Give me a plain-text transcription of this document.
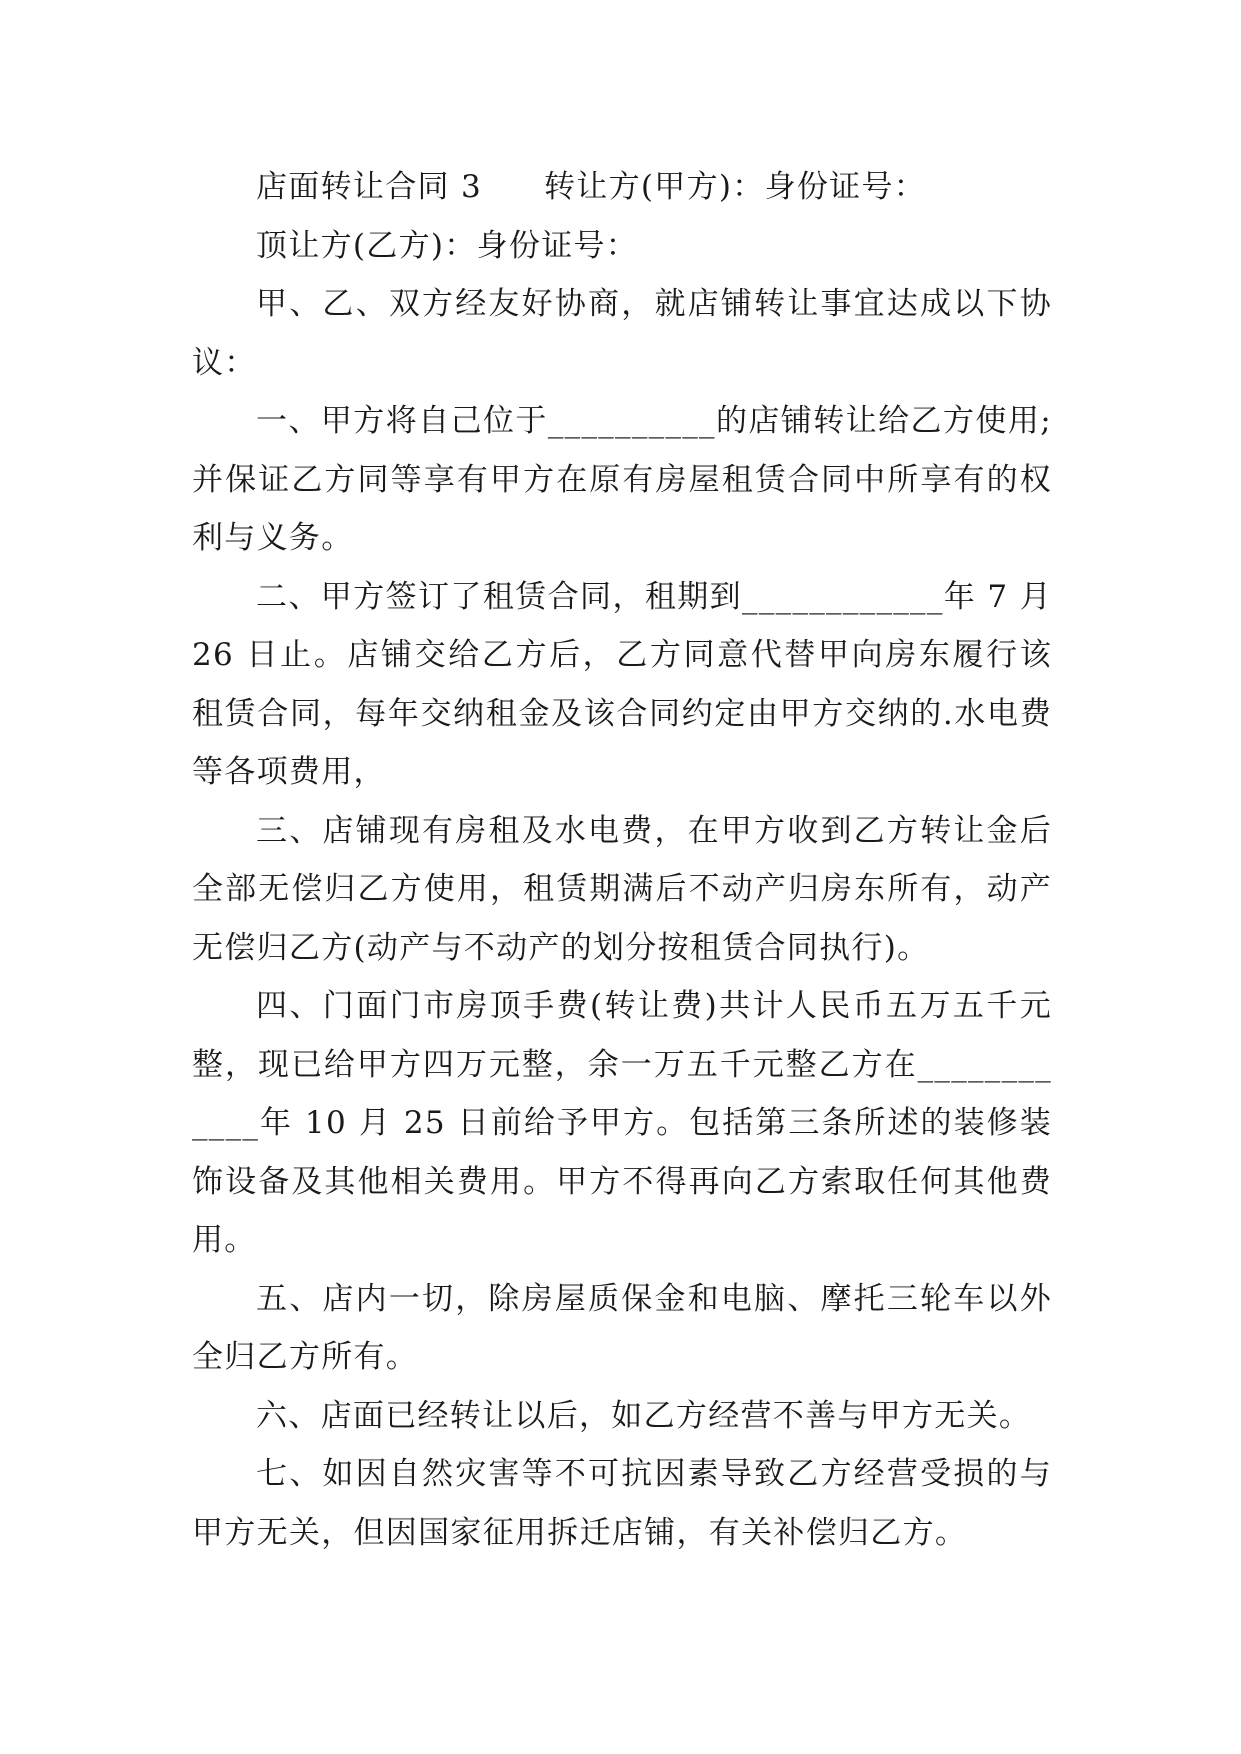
店面转让合同 3 转让方(甲方)：身份证号：

顶让方(乙方)：身份证号：

甲、乙、双方经友好协商，就店铺转让事宜达成以下协议：

一、甲方将自己位于__________的店铺转让给乙方使用;并保证乙方同等享有甲方在原有房屋租赁合同中所享有的权利与义务。

二、甲方签订了租赁合同，租期到____________年 7 月 26 日止。店铺交给乙方后，乙方同意代替甲向房东履行该租赁合同，每年交纳租金及该合同约定由甲方交纳的.水电费等各项费用，

三、店铺现有房租及水电费，在甲方收到乙方转让金后全部无偿归乙方使用，租赁期满后不动产归房东所有，动产无偿归乙方(动产与不动产的划分按租赁合同执行)。

四、门面门市房顶手费(转让费)共计人民币五万五千元整，现已给甲方四万元整，余一万五千元整乙方在____________年 10 月 25 日前给予甲方。包括第三条所述的装修装饰设备及其他相关费用。甲方不得再向乙方索取任何其他费用。

五、店内一切，除房屋质保金和电脑、摩托三轮车以外全归乙方所有。

六、店面已经转让以后，如乙方经营不善与甲方无关。

七、如因自然灾害等不可抗因素导致乙方经营受损的与甲方无关，但因国家征用拆迁店铺，有关补偿归乙方。
